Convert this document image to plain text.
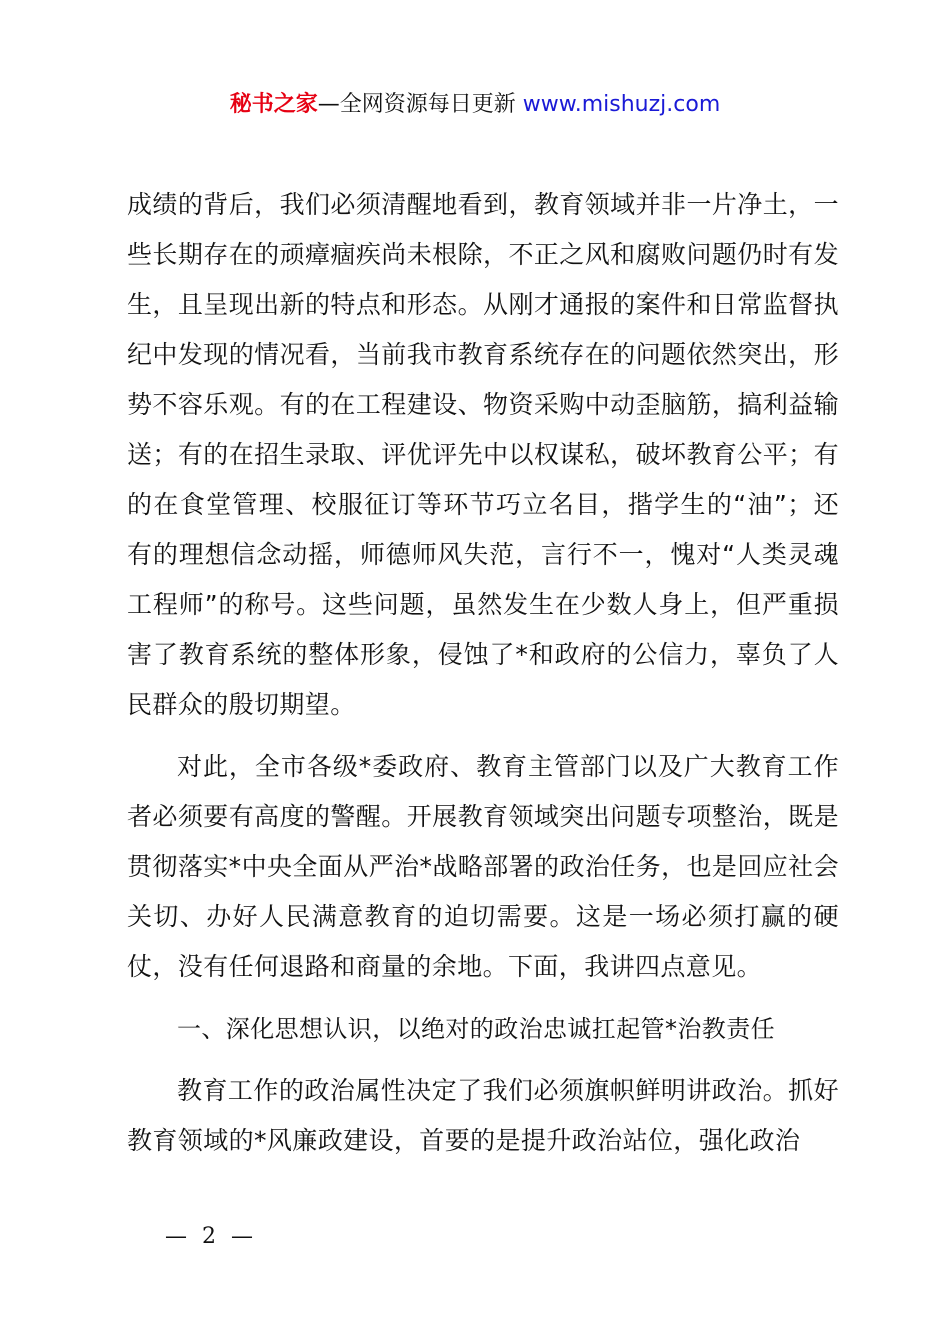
秘书之家—全网资源每日更新 www.mishuzj.com

成绩的背后，我们必须清醒地看到，教育领域并非一片净土，一些长期存在的顽瘴痼疾尚未根除，不正之风和腐败问题仍时有发生，且呈现出新的特点和形态。从刚才通报的案件和日常监督执纪中发现的情况看，当前我市教育系统存在的问题依然突出，形势不容乐观。有的在工程建设、物资采购中动歪脑筋，搞利益输送；有的在招生录取、评优评先中以权谋私，破坏教育公平；有的在食堂管理、校服征订等环节巧立名目，揩学生的“油”；还有的理想信念动摇，师德师风失范，言行不一，愧对“人类灵魂工程师”的称号。这些问题，虽然发生在少数人身上，但严重损害了教育系统的整体形象，侵蚀了*和政府的公信力，辜负了人民群众的殷切期望。

对此，全市各级*委政府、教育主管部门以及广大教育工作者必须要有高度的警醒。开展教育领域突出问题专项整治，既是贯彻落实*中央全面从严治*战略部署的政治任务，也是回应社会关切、办好人民满意教育的迫切需要。这是一场必须打赢的硬仗，没有任何退路和商量的余地。下面，我讲四点意见。

一、深化思想认识，以绝对的政治忠诚扛起管*治教责任

教育工作的政治属性决定了我们必须旗帜鲜明讲政治。抓好教育领域的*风廉政建设，首要的是提升政治站位，强化政治

— 2 —
